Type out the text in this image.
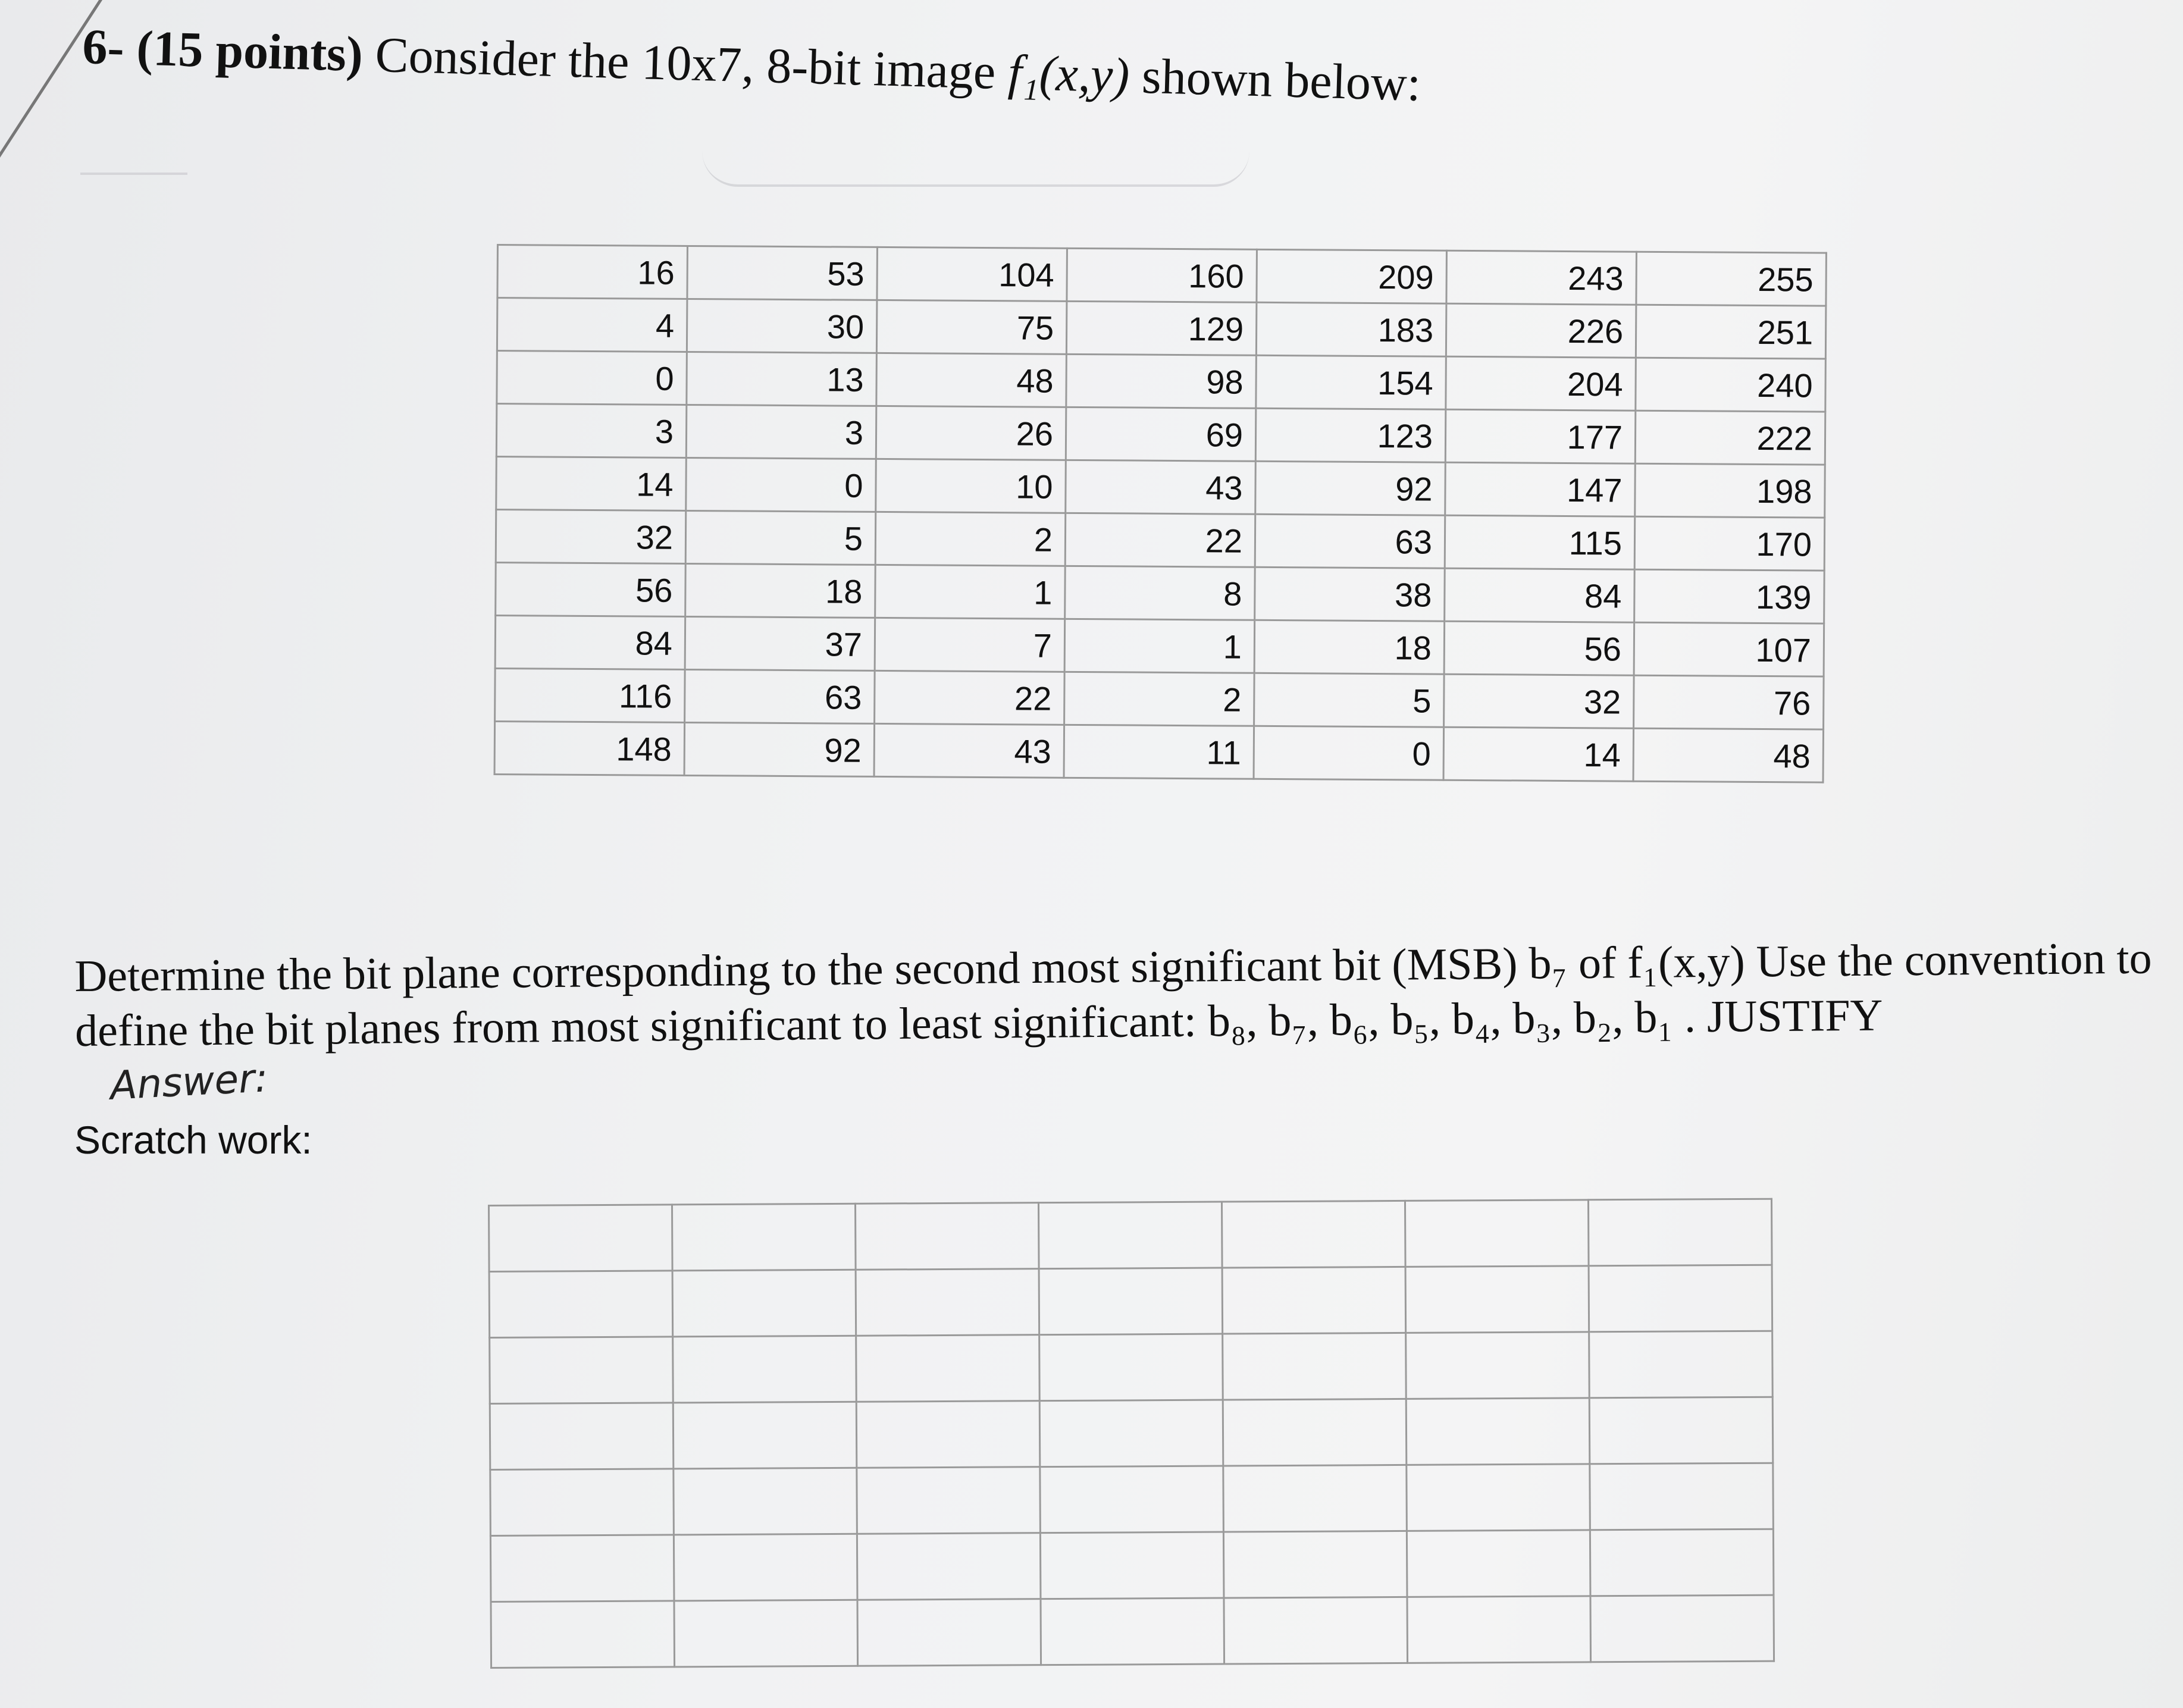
6- (15 points) Consider the 10x7, 8-bit image f₁(x,y) shown below:
16	53	104	160	209	243	255
4	30	75	129	183	226	251
0	13	48	98	154	204	240
3	3	26	69	123	177	222
14	0	10	43	92	147	198
32	5	2	22	63	115	170
56	18	1	8	38	84	139
84	37	7	1	18	56	107
116	63	22	2	5	32	76
148	92	43	11	0	14	48
Determine the bit plane corresponding to the second most significant bit (MSB) b₇ of f₁(x,y) Use the convention to
define the bit planes from most significant to least significant: b₈, b₇, b₆, b₅, b₄, b₃, b₂, b₁ . JUSTIFY
Answer:
Scratch work:
